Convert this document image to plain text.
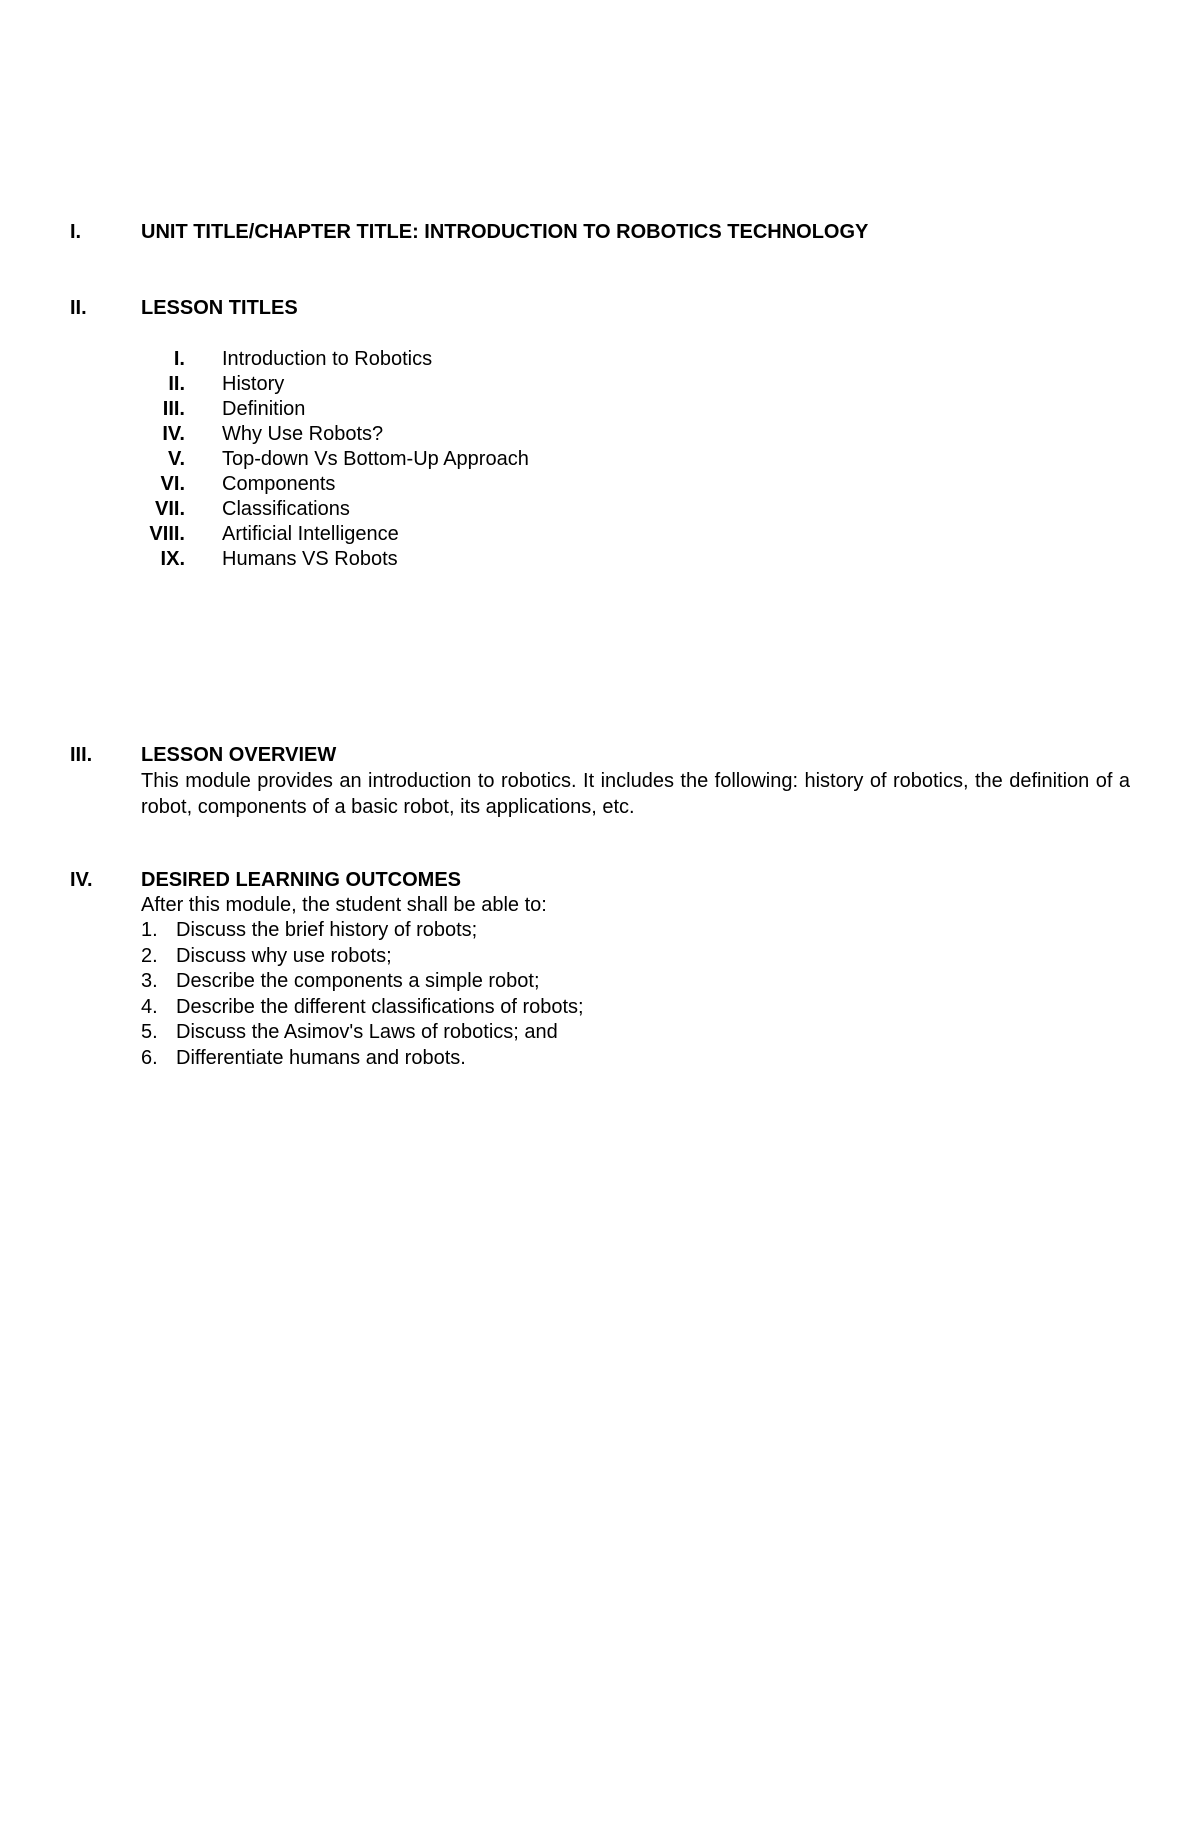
I.	UNIT TITLE/CHAPTER TITLE: INTRODUCTION TO ROBOTICS TECHNOLOGY

II.	LESSON TITLES

I. Introduction to Robotics
II. History
III. Definition
IV. Why Use Robots?
V. Top-down Vs Bottom-Up Approach
VI. Components
VII. Classifications
VIII. Artificial Intelligence
IX. Humans VS Robots
III. LESSON OVERVIEW

This module provides an introduction to robotics. It includes the following: history of robotics, the definition of a robot, components of a basic robot, its applications, etc.

IV. DESIRED LEARNING OUTCOMES

After this module, the student shall be able to:

1. Discuss the brief history of robots;
2. Discuss why use robots;
3. Describe the components a simple robot;
4. Describe the different classifications of robots;
5. Discuss the Asimov's Laws of robotics; and
6. Differentiate humans and robots.
